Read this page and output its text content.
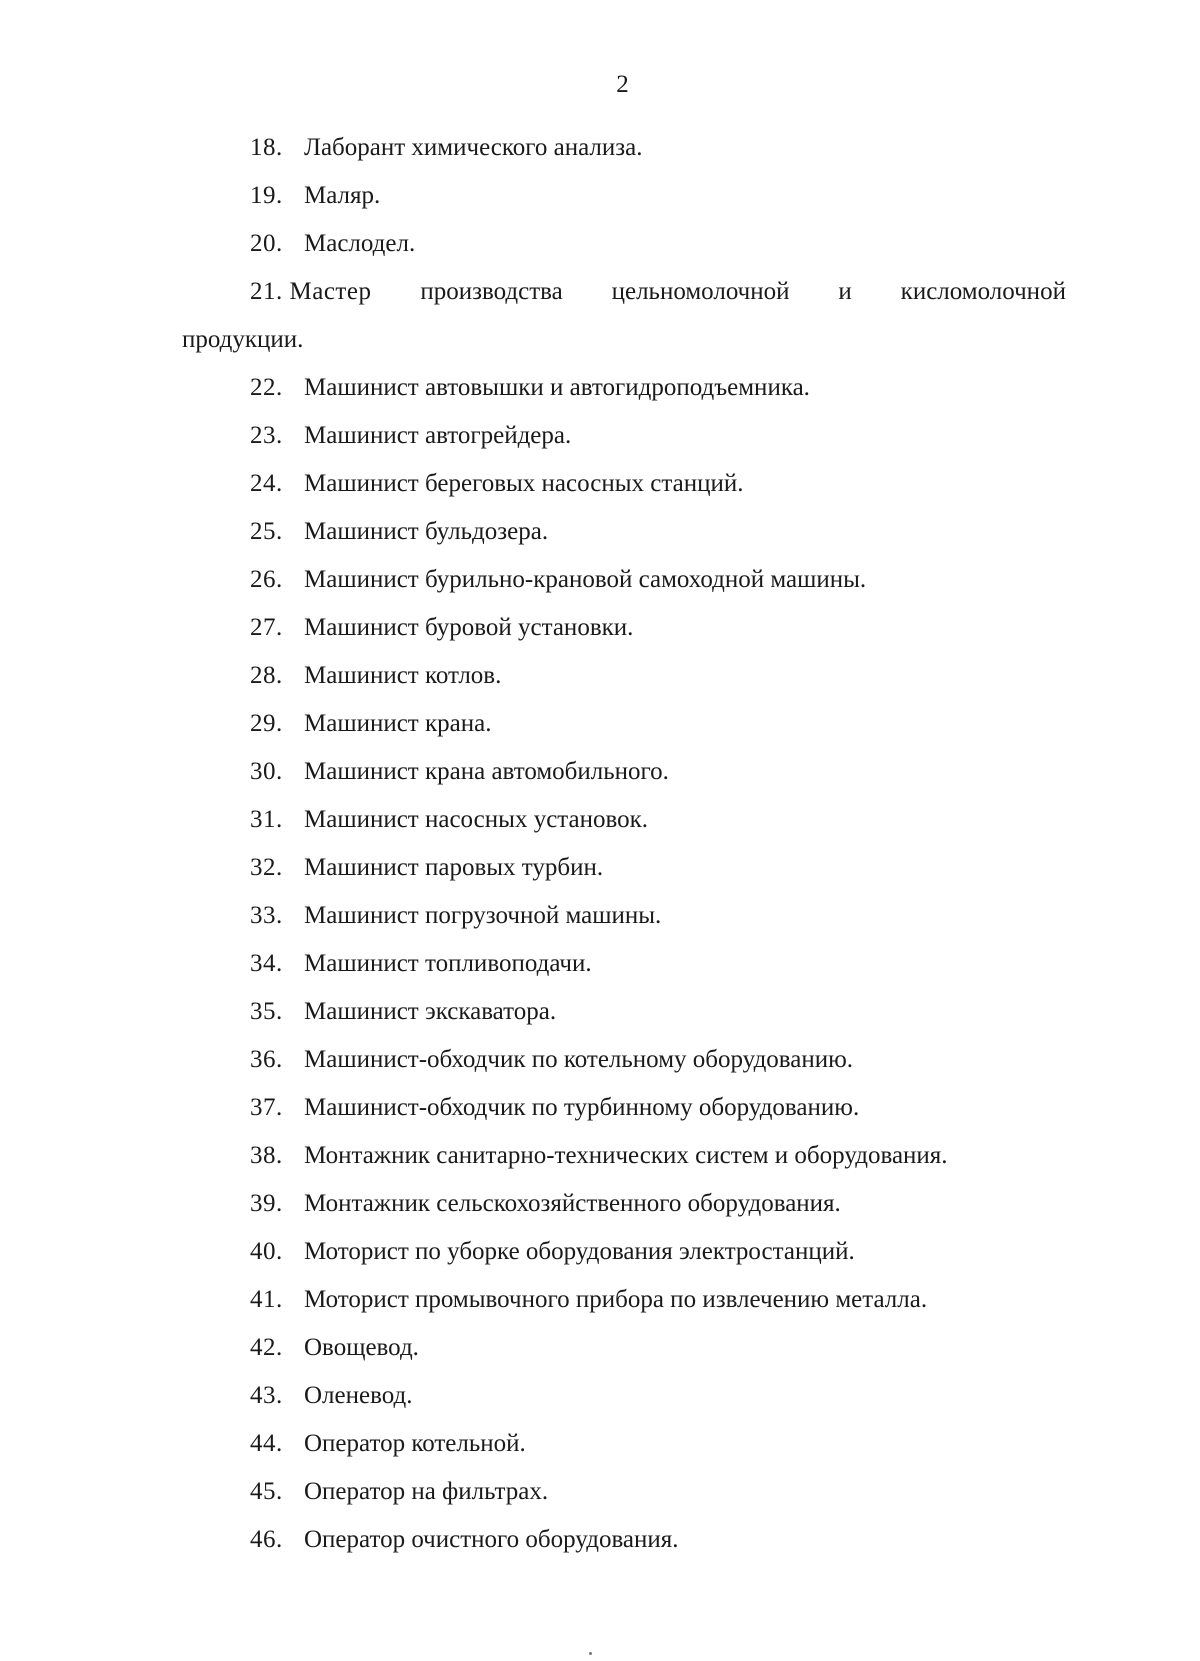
2
18. Лаборант химического анализа.
19. Маляр.
20. Маслодел.
21. Мастер производства цельномолочной и кисломолочной
продукции.
22. Машинист автовышки и автогидроподъемника.
23. Машинист автогрейдера.
24. Машинист береговых насосных станций.
25. Машинист бульдозера.
26. Машинист бурильно-крановой самоходной машины.
27. Машинист буровой установки.
28. Машинист котлов.
29. Машинист крана.
30. Машинист крана автомобильного.
31. Машинист насосных установок.
32. Машинист паровых турбин.
33. Машинист погрузочной машины.
34. Машинист топливоподачи.
35. Машинист экскаватора.
36. Машинист-обходчик по котельному оборудованию.
37. Машинист-обходчик по турбинному оборудованию.
38. Монтажник санитарно-технических систем и оборудования.
39. Монтажник сельскохозяйственного оборудования.
40. Моторист по уборке оборудования электростанций.
41. Моторист промывочного прибора по извлечению металла.
42. Овощевод.
43. Оленевод.
44. Оператор котельной.
45. Оператор на фильтрах.
46. Оператор очистного оборудования.
